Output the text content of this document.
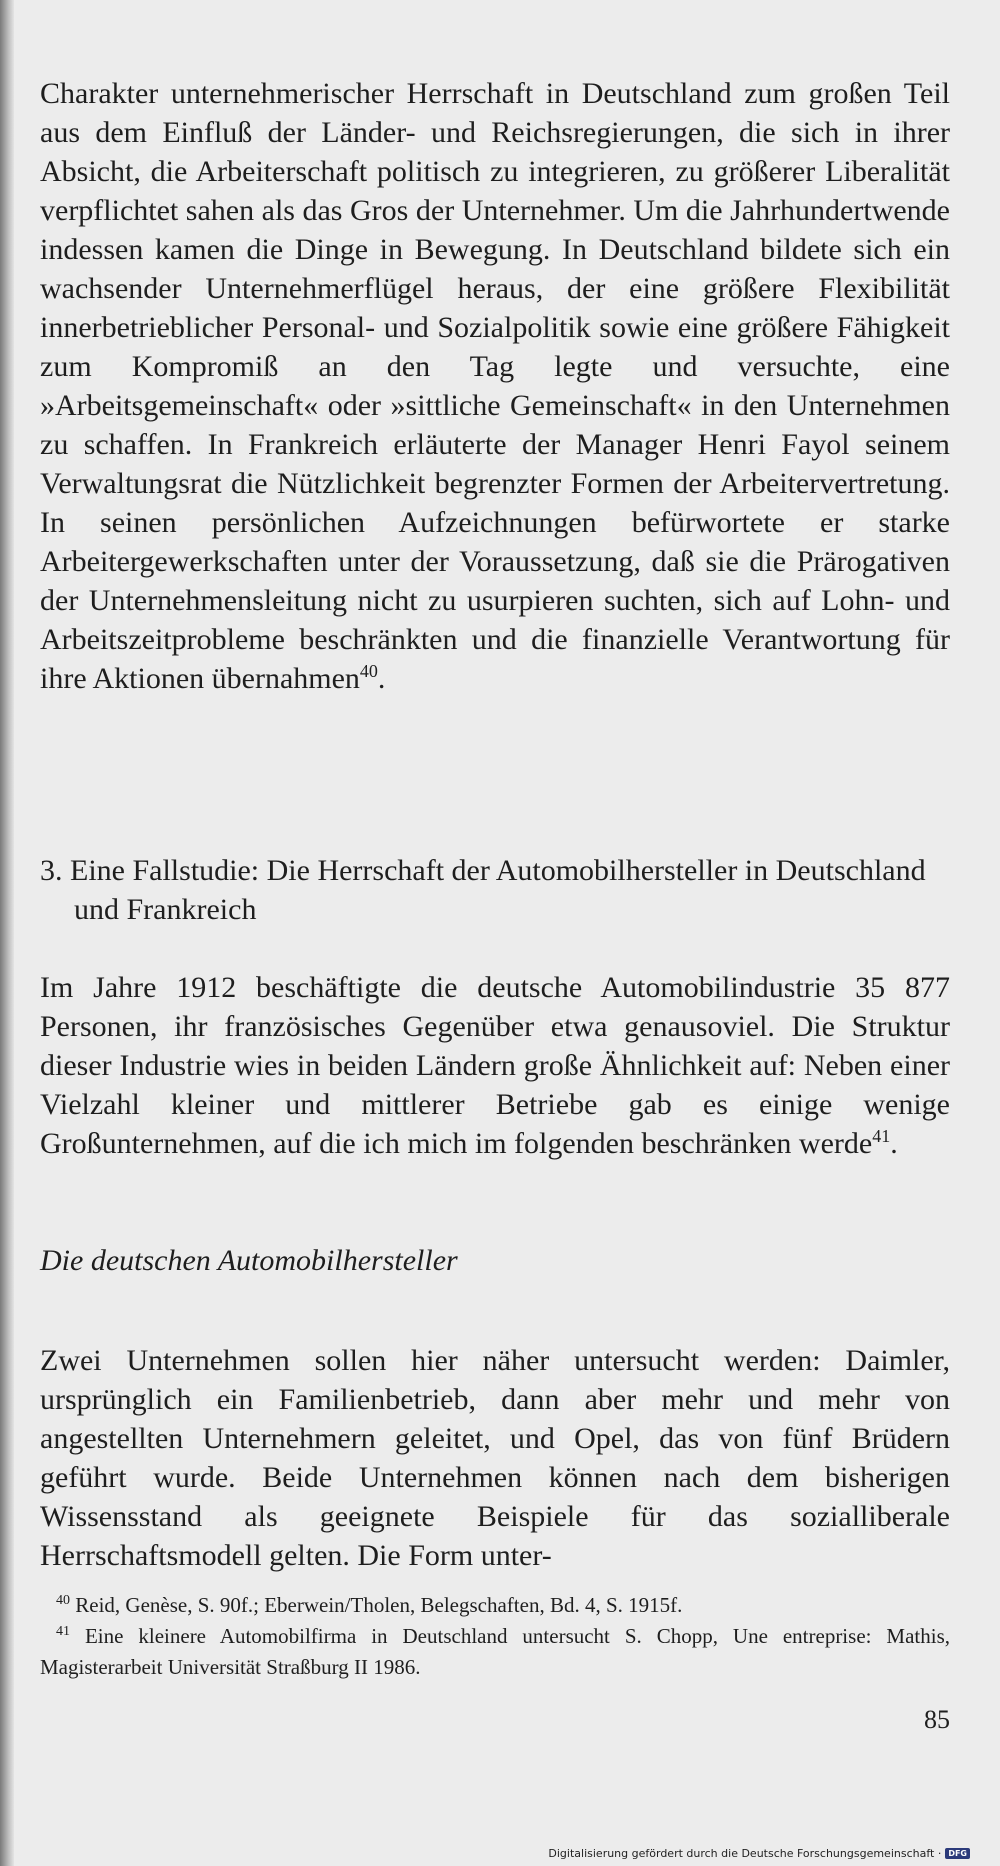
Charakter unternehmerischer Herrschaft in Deutschland zum großen Teil aus dem Einfluß der Länder- und Reichsregierungen, die sich in ihrer Absicht, die Arbeiterschaft politisch zu integrieren, zu größerer Liberalität verpflichtet sahen als das Gros der Unternehmer. Um die Jahrhundertwende indessen kamen die Dinge in Bewegung. In Deutschland bildete sich ein wachsender Unternehmerflügel heraus, der eine größere Flexibilität innerbetrieblicher Personal- und Sozialpolitik sowie eine größere Fähigkeit zum Kompromiß an den Tag legte und versuchte, eine »Arbeitsgemeinschaft« oder »sittliche Gemeinschaft« in den Unternehmen zu schaffen. In Frankreich erläuterte der Manager Henri Fayol seinem Verwaltungsrat die Nützlichkeit begrenzter Formen der Arbeitervertretung. In seinen persönlichen Aufzeichnungen befürwortete er starke Arbeitergewerkschaften unter der Voraussetzung, daß sie die Prärogativen der Unternehmensleitung nicht zu usurpieren suchten, sich auf Lohn- und Arbeitszeitprobleme beschränkten und die finanzielle Verantwortung für ihre Aktionen übernahmen$^{40}$.

3. Eine Fallstudie: Die Herrschaft der Automobilhersteller in Deutschland und Frankreich

Im Jahre 1912 beschäftigte die deutsche Automobilindustrie 35 877 Personen, ihr französisches Gegenüber etwa genausoviel. Die Struktur dieser Industrie wies in beiden Ländern große Ähnlichkeit auf: Neben einer Vielzahl kleiner und mittlerer Betriebe gab es einige wenige Großunternehmen, auf die ich mich im folgenden beschränken werde$^{41}$.

Die deutschen Automobilhersteller

Zwei Unternehmen sollen hier näher untersucht werden: Daimler, ursprünglich ein Familienbetrieb, dann aber mehr und mehr von angestellten Unternehmern geleitet, und Opel, das von fünf Brüdern geführt wurde. Beide Unternehmen können nach dem bisherigen Wissensstand als geeignete Beispiele für das sozialliberale Herrschaftsmodell gelten. Die Form unter-

$^{40}$ Reid, Genèse, S. 90f.; Eberwein/Tholen, Belegschaften, Bd. 4, S. 1915f.

$^{41}$ Eine kleinere Automobilfirma in Deutschland untersucht S. Chopp, Une entreprise: Mathis, Magisterarbeit Universität Straßburg II 1986.

85
Digitalisierung gefördert durch die Deutsche Forschungsgemeinschaft · DFG
